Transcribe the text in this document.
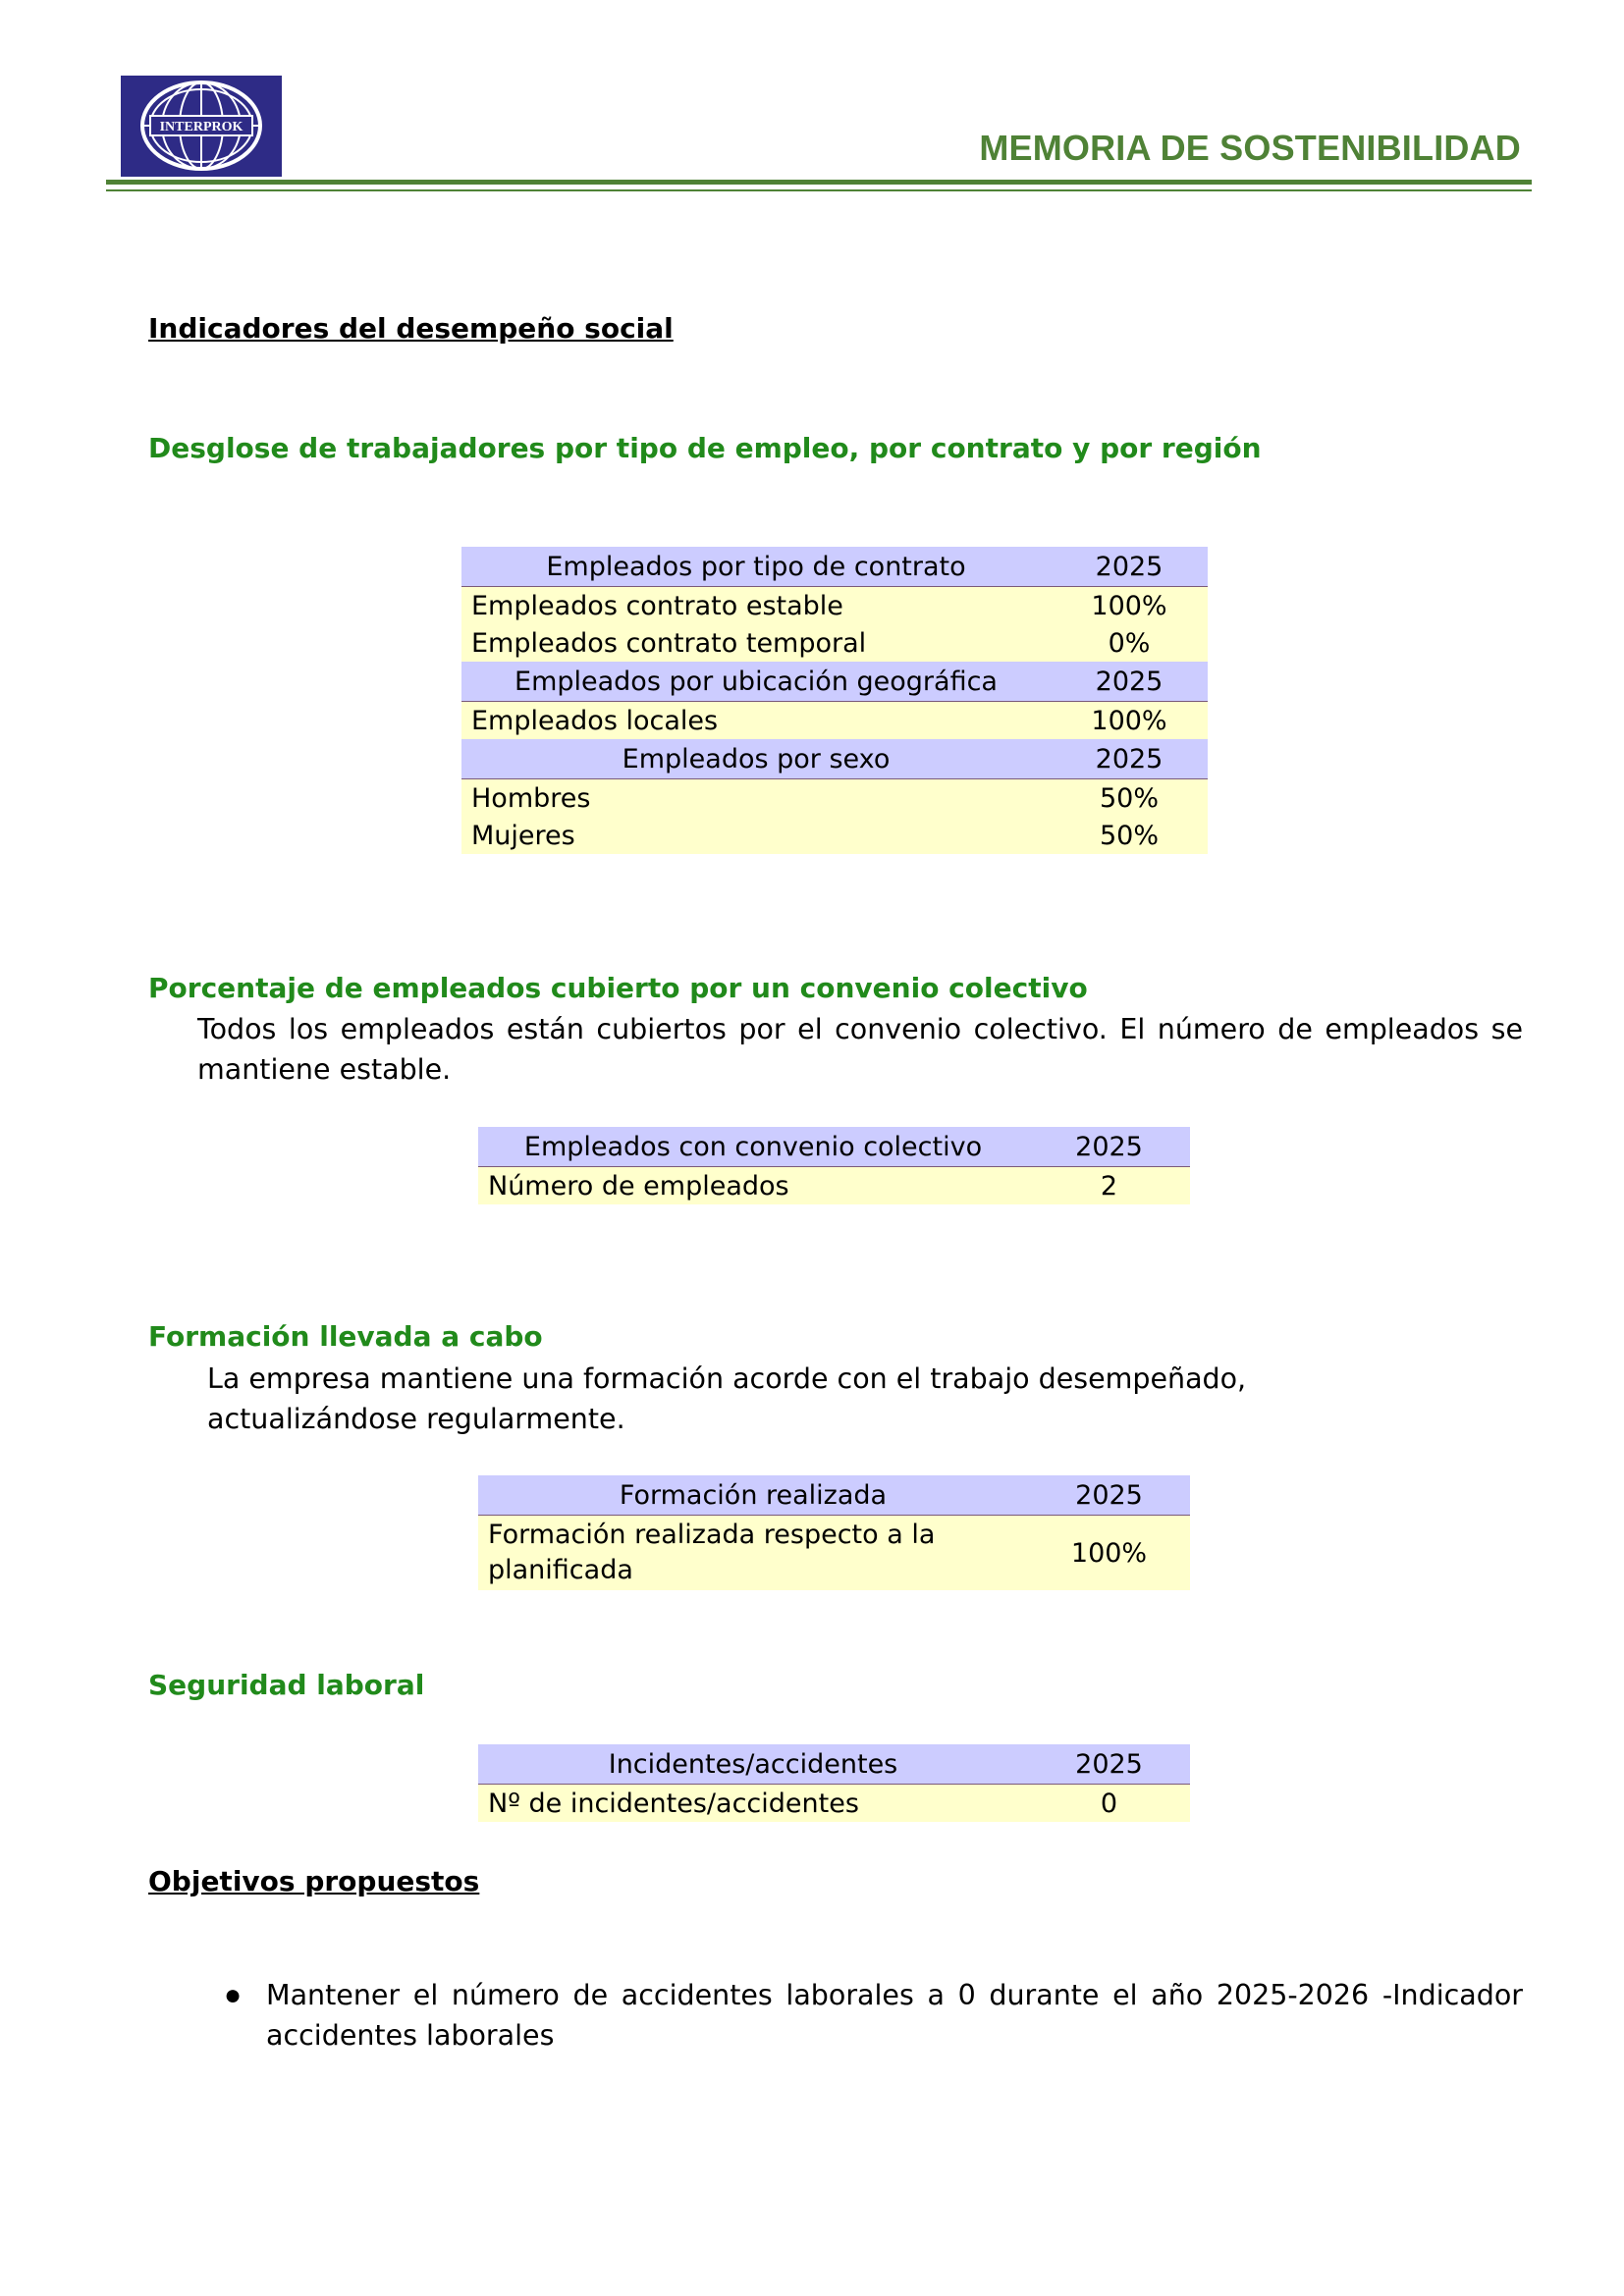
INTERPROK
MEMORIA DE SOSTENIBILIDAD
Indicadores del desempeño social
Desglose de trabajadores por tipo de empleo, por contrato y por región
Empleados por tipo de contrato	2025
Empleados contrato estable	100%
Empleados contrato temporal	0%
Empleados por ubicación geográfica	2025
Empleados locales	100%
Empleados por sexo	2025
Hombres	50%
Mujeres	50%
Porcentaje de empleados cubierto por un convenio colectivo
Todos los empleados están cubiertos por el convenio colectivo. El número de empleados se mantiene estable.
Empleados con convenio colectivo	2025
Número de empleados	2
Formación llevada a cabo
La empresa mantiene una formación acorde con el trabajo desempeñado, actualizándose regularmente.
Formación realizada	2025
Formación realizada respecto a la planificada	100%
Seguridad laboral
Incidentes/accidentes	2025
Nº de incidentes/accidentes	0
Objetivos propuestos
● Mantener el número de accidentes laborales a 0 durante el año 2025-2026 -Indicador accidentes laborales
